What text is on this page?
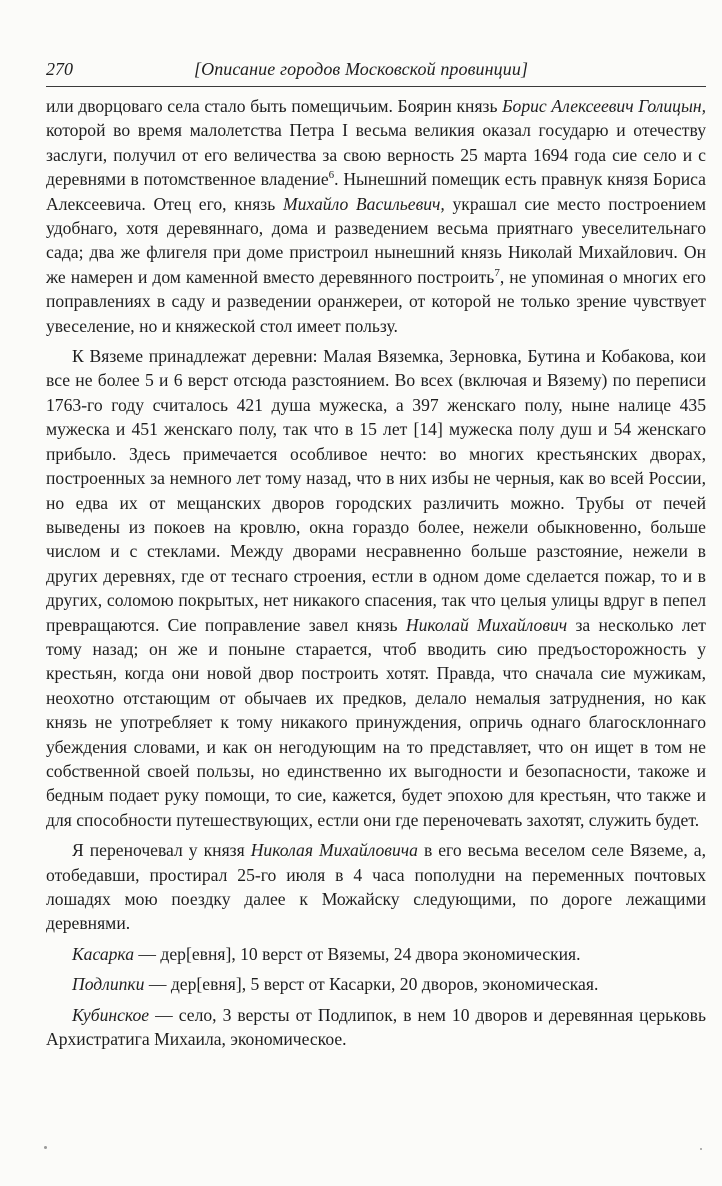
270	[Описание городов Московской провинции]

или дворцоваго села стало быть помещичьим. Боярин князь Борис Алексеевич Голицын, которой во время малолетства Петра I весьма великия оказал государю и отечеству заслуги, получил от его величества за свою верность 25 марта 1694 года сие село и с деревнями в потомственное владение$^6$. Нынешний помещик есть правнук князя Бориса Алексеевича. Отец его, князь Михайло Васильевич, украшал сие место построением удобнаго, хотя деревяннаго, дома и разведением весьма приятнаго увеселительнаго сада; два же флигеля при доме пристроил нынешний князь Николай Михайлович. Он же намерен и дом каменной вместо деревянного построить$^7$, не упоминая о многих его поправлениях в саду и разведении оранжереи, от которой не только зрение чувствует увеселение, но и княжеской стол имеет пользу.

К Вяземе принадлежат деревни: Малая Вяземка, Зерновка, Бутина и Кобакова, кои все не более 5 и 6 верст отсюда разстоянием. Во всех (включая и Вязему) по переписи 1763-го году считалось 421 душа мужеска, а 397 женскаго полу, ныне налице 435 мужеска и 451 женскаго полу, так что в 15 лет [14] мужеска полу душ и 54 женскаго прибыло. Здесь примечается особливое нечто: во многих крестьянских дворах, построенных за немного лет тому назад, что в них избы не черныя, как во всей России, но едва их от мещанских дворов городских различить можно. Трубы от печей выведены из покоев на кровлю, окна гораздо более, нежели обыкновенно, больше числом и с стеклами. Между дворами несравненно больше разстояние, нежели в других деревнях, где от теснаго строения, естли в одном доме сделается пожар, то и в других, соломою покрытых, нет никакого спасения, так что целыя улицы вдруг в пепел превращаются. Сие поправление завел князь Николай Михайлович за несколько лет тому назад; он же и поныне старается, чтоб вводить сию предъосторожность у крестьян, когда они новой двор построить хотят. Правда, что сначала сие мужикам, неохотно отстающим от обычаев их предков, делало немалыя затруднения, но как князь не употребляет к тому никакого принуждения, опричь однаго благосклоннаго убеждения словами, и как он негодующим на то представляет, что он ищет в том не собственной своей пользы, но единственно их выгодности и безопасности, такоже и бедным подает руку помощи, то сие, кажется, будет эпохою для крестьян, что также и для способности путешествующих, естли они где переночевать захотят, служить будет.

Я переночевал у князя Николая Михайловича в его весьма веселом селе Вяземе, а, отобедавши, простирал 25-го июля в 4 часа пополудни на переменных почтовых лошадях мою поездку далее к Можайску следующими, по дороге лежащими деревнями.

Касарка — дер[евня], 10 верст от Вяземы, 24 двора экономическия.

Подлипки — дер[евня], 5 верст от Касарки, 20 дворов, экономическая.

Кубинское — село, 3 версты от Подлипок, в нем 10 дворов и деревянная церьковь Архистратига Михаила, экономическое.
